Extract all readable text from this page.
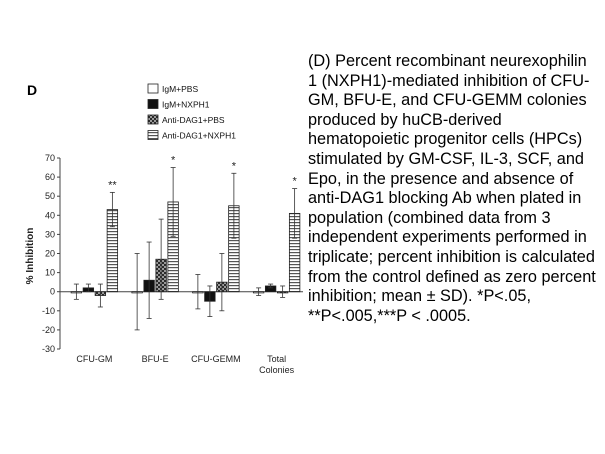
D	IgM+PBS
IgM+NXPH1
Anti-DAG1+PBS
Anti-DAG1+NXPH1
-30
-20
-10
0
10
20
30
40
50
60
70
% Inhibition
CFU-GM	BFU-E	CFU-GEMM	Total
Colonies
**
*	*
*
(D) Percent recombinant neurexophilin 1 (NXPH1)-mediated inhibition of CFU-GM, BFU-E, and CFU-GEMM colonies produced by huCB-derived hematopoietic progenitor cells (HPCs) stimulated by GM-CSF, IL-3, SCF, and Epo, in the presence and absence of anti-DAG1 blocking Ab when plated in population (combined data from 3 independent experiments performed in triplicate; percent inhibition is calculated from the control defined as zero percent inhibition; mean ± SD). *P<.05, **P<.005,***P < .0005.
